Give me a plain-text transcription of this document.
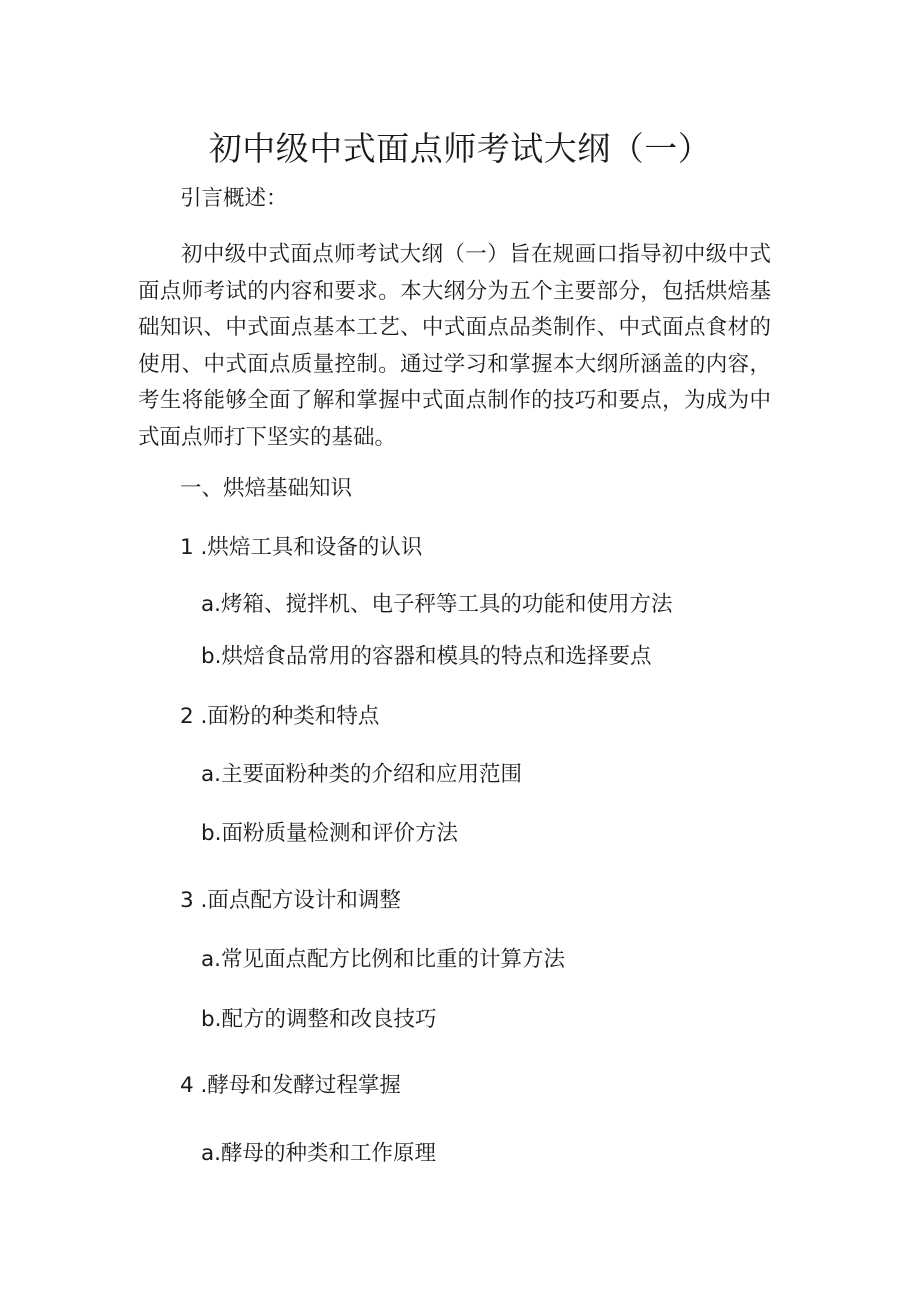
初中级中式面点师考试大纲（一）

引言概述：

初中级中式面点师考试大纲（一）旨在规画口指导初中级中式面点师考试的内容和要求。本大纲分为五个主要部分，包括烘焙基础知识、中式面点基本工艺、中式面点品类制作、中式面点食材的使用、中式面点质量控制。通过学习和掌握本大纲所涵盖的内容，考生将能够全面了解和掌握中式面点制作的技巧和要点，为成为中式面点师打下坚实的基础。

一、烘焙基础知识

1 .烘焙工具和设备的认识

a.烤箱、搅拌机、电子秤等工具的功能和使用方法

b.烘焙食品常用的容器和模具的特点和选择要点

2 .面粉的种类和特点

a.主要面粉种类的介绍和应用范围

b.面粉质量检测和评价方法

3 .面点配方设计和调整

a.常见面点配方比例和比重的计算方法

b.配方的调整和改良技巧

4 .酵母和发酵过程掌握

a.酵母的种类和工作原理
